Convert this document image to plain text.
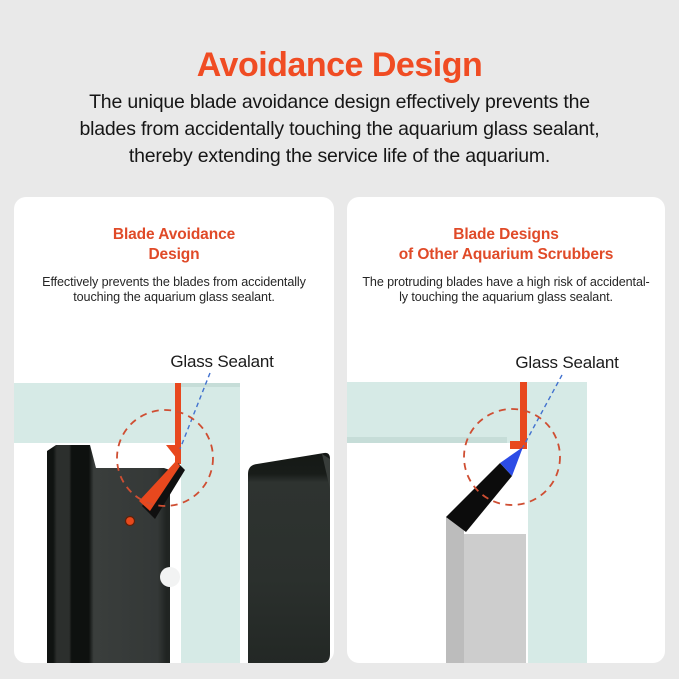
Avoidance Design
The unique blade avoidance design effectively prevents the
blades from accidentally touching the aquarium glass sealant,
thereby extending the service life of the aquarium.
Blade Avoidance
Design
Effectively prevents the blades from accidentally
touching the aquarium glass sealant.
Glass Sealant
Blade Designs
of Other Aquarium Scrubbers
The protruding blades have a high risk of accidental-
ly touching the aquarium glass sealant.
Glass Sealant
